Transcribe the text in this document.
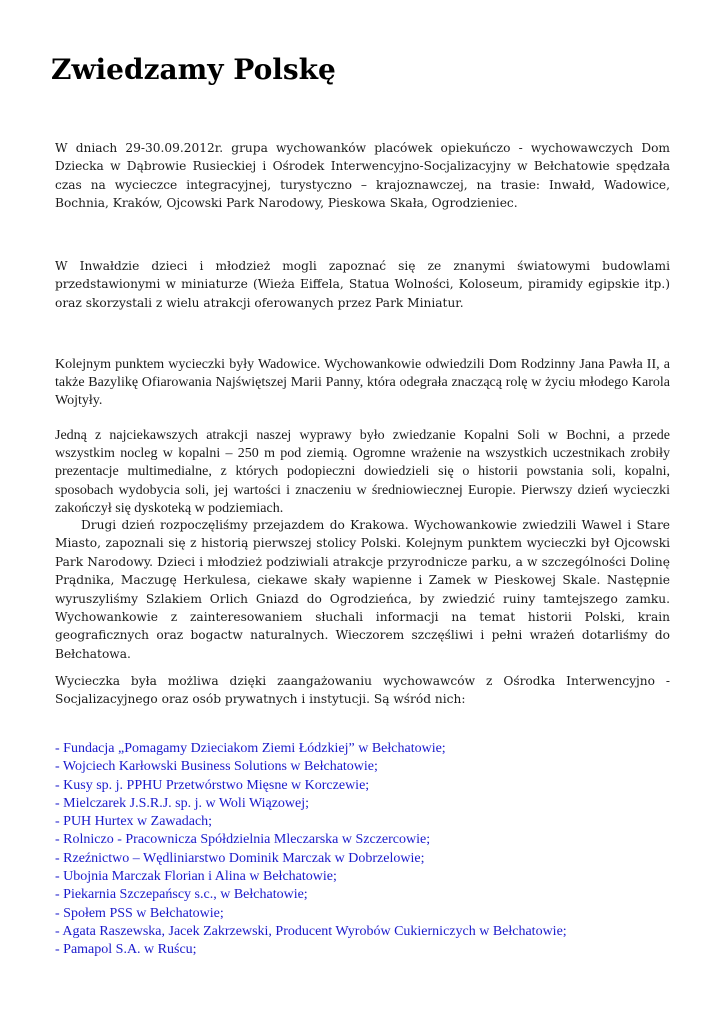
Zwiedzamy Polskę

W dniach 29-30.09.2012r. grupa wychowanków placówek opiekuńczo - wychowawczych Dom Dziecka w Dąbrowie Rusieckiej i Ośrodek Interwencyjno-Socjalizacyjny w Bełchatowie spędzała czas na wycieczce integracyjnej, turystyczno – krajoznawczej, na trasie: Inwałd, Wadowice, Bochnia, Kraków, Ojcowski Park Narodowy, Pieskowa Skała, Ogrodzieniec.

W Inwałdzie dzieci i młodzież mogli zapoznać się ze znanymi światowymi budowlami przedstawionymi w miniaturze (Wieża Eiffela, Statua Wolności, Koloseum, piramidy egipskie itp.) oraz skorzystali z wielu atrakcji oferowanych przez Park Miniatur.

Kolejnym punktem wycieczki były Wadowice. Wychowankowie odwiedzili Dom Rodzinny Jana Pawła II, a także Bazylikę Ofiarowania Najświętszej Marii Panny, która odegrała znaczącą rolę w życiu młodego Karola Wojtyły.

Jedną z najciekawszych atrakcji naszej wyprawy było zwiedzanie Kopalni Soli w Bochni, a przede wszystkim nocleg w kopalni – 250 m pod ziemią. Ogromne wrażenie na wszystkich uczestnikach zrobiły prezentacje multimedialne, z których podopieczni dowiedzieli się o historii powstania soli, kopalni, sposobach wydobycia soli, jej wartości i znaczeniu w średniowiecznej Europie. Pierwszy dzień wycieczki zakończył się dyskoteką w podziemiach.

Drugi dzień rozpoczęliśmy przejazdem do Krakowa. Wychowankowie zwiedzili Wawel i Stare Miasto, zapoznali się z historią pierwszej stolicy Polski. Kolejnym punktem wycieczki był Ojcowski Park Narodowy. Dzieci i młodzież podziwiali atrakcje przyrodnicze parku, a w szczególności Dolinę Prądnika, Maczugę Herkulesa, ciekawe skały wapienne i Zamek w Pieskowej Skale. Następnie wyruszyliśmy Szlakiem Orlich Gniazd do Ogrodzieńca, by zwiedzić ruiny tamtejszego zamku. Wychowankowie z zainteresowaniem słuchali informacji na temat historii Polski, krain geograficznych oraz bogactw naturalnych. Wieczorem szczęśliwi i pełni wrażeń dotarliśmy do Bełchatowa.

Wycieczka była możliwa dzięki zaangażowaniu wychowawców z Ośrodka Interwencyjno - Socjalizacyjnego oraz osób prywatnych i instytucji. Są wśród nich:

- Fundacja „Pomagamy Dzieciakom Ziemi Łódzkiej” w Bełchatowie;
- Wojciech Karłowski Business Solutions w Bełchatowie;
- Kusy sp. j. PPHU Przetwórstwo Mięsne w Korczewie;
- Mielczarek J.S.R.J. sp. j. w Woli Wiązowej;
- PUH Hurtex w Zawadach;
- Rolniczo - Pracownicza Spółdzielnia Mleczarska w Szczercowie;
- Rzeźnictwo – Wędliniarstwo Dominik Marczak w Dobrzelowie;
- Ubojnia Marczak Florian i Alina w Bełchatowie;
- Piekarnia Szczepańscy s.c., w Bełchatowie;
- Społem PSS w Bełchatowie;
- Agata Raszewska, Jacek Zakrzewski, Producent Wyrobów Cukierniczych w Bełchatowie;
- Pamapol S.A. w Ruścu;
